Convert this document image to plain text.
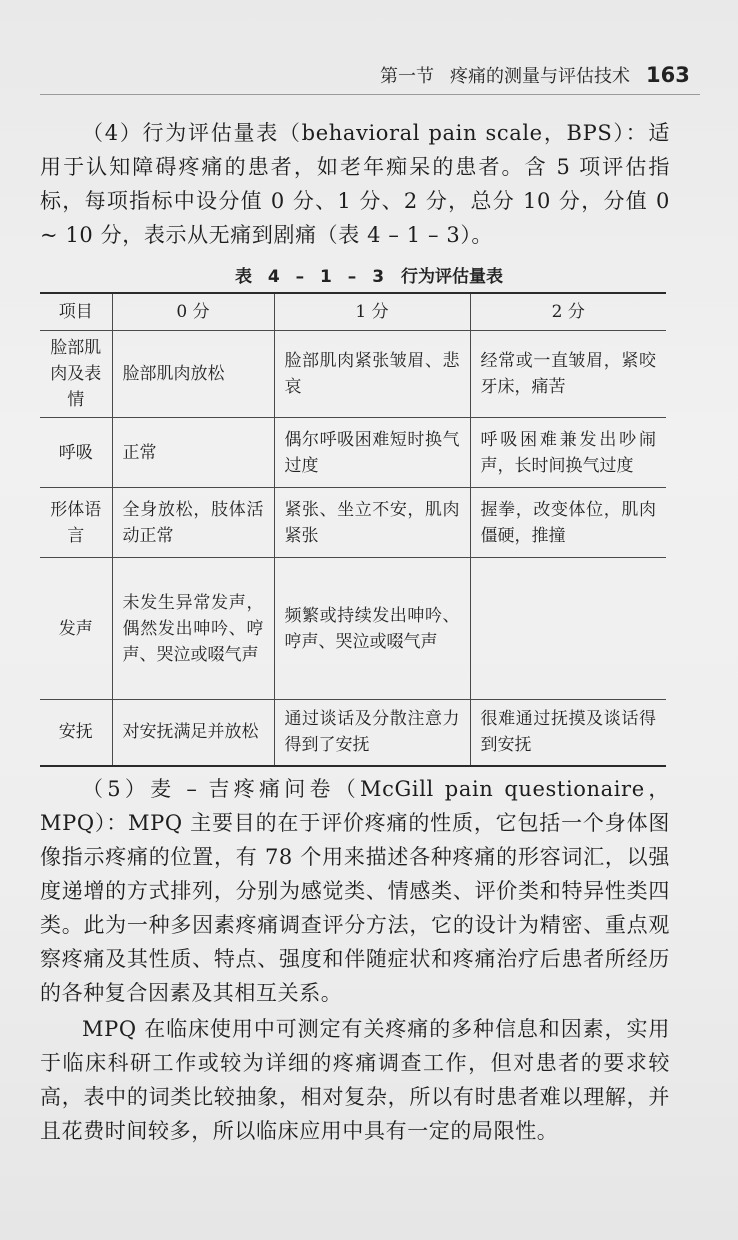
第一节 疼痛的测量与评估技术 163

（4）行为评估量表（behavioral pain scale，BPS）：适用于认知障碍疼痛的患者，如老年痴呆的患者。含 5 项评估指标，每项指标中设分值 0 分、1 分、2 分，总分 10 分，分值 0 ~ 10 分，表示从无痛到剧痛（表 4 – 1 – 3）。

表 4 – 1 – 3　行为评估量表
项目	0 分	1 分	2 分
脸部肌肉及表情	脸部肌肉放松	脸部肌肉紧张皱眉、悲哀	经常或一直皱眉，紧咬牙床，痛苦
呼吸	正常	偶尔呼吸困难短时换气过度	呼吸困难兼发出吵闹声，长时间换气过度
形体语言	全身放松，肢体活动正常	紧张、坐立不安，肌肉紧张	握拳，改变体位，肌肉僵硬，推撞
发声	未发生异常发声，偶然发出呻吟、哼声、哭泣或啜气声	频繁或持续发出呻吟、哼声、哭泣或啜气声	
安抚	对安抚满足并放松	通过谈话及分散注意力得到了安抚	很难通过抚摸及谈话得到安抚

（5）麦 – 吉疼痛问卷（McGill pain questionaire，MPQ）：MPQ 主要目的在于评价疼痛的性质，它包括一个身体图像指示疼痛的位置，有 78 个用来描述各种疼痛的形容词汇，以强度递增的方式排列，分别为感觉类、情感类、评价类和特异性类四类。此为一种多因素疼痛调查评分方法，它的设计为精密、重点观察疼痛及其性质、特点、强度和伴随症状和疼痛治疗后患者所经历的各种复合因素及其相互关系。

MPQ 在临床使用中可测定有关疼痛的多种信息和因素，实用于临床科研工作或较为详细的疼痛调查工作，但对患者的要求较高，表中的词类比较抽象，相对复杂，所以有时患者难以理解，并且花费时间较多，所以临床应用中具有一定的局限性。
